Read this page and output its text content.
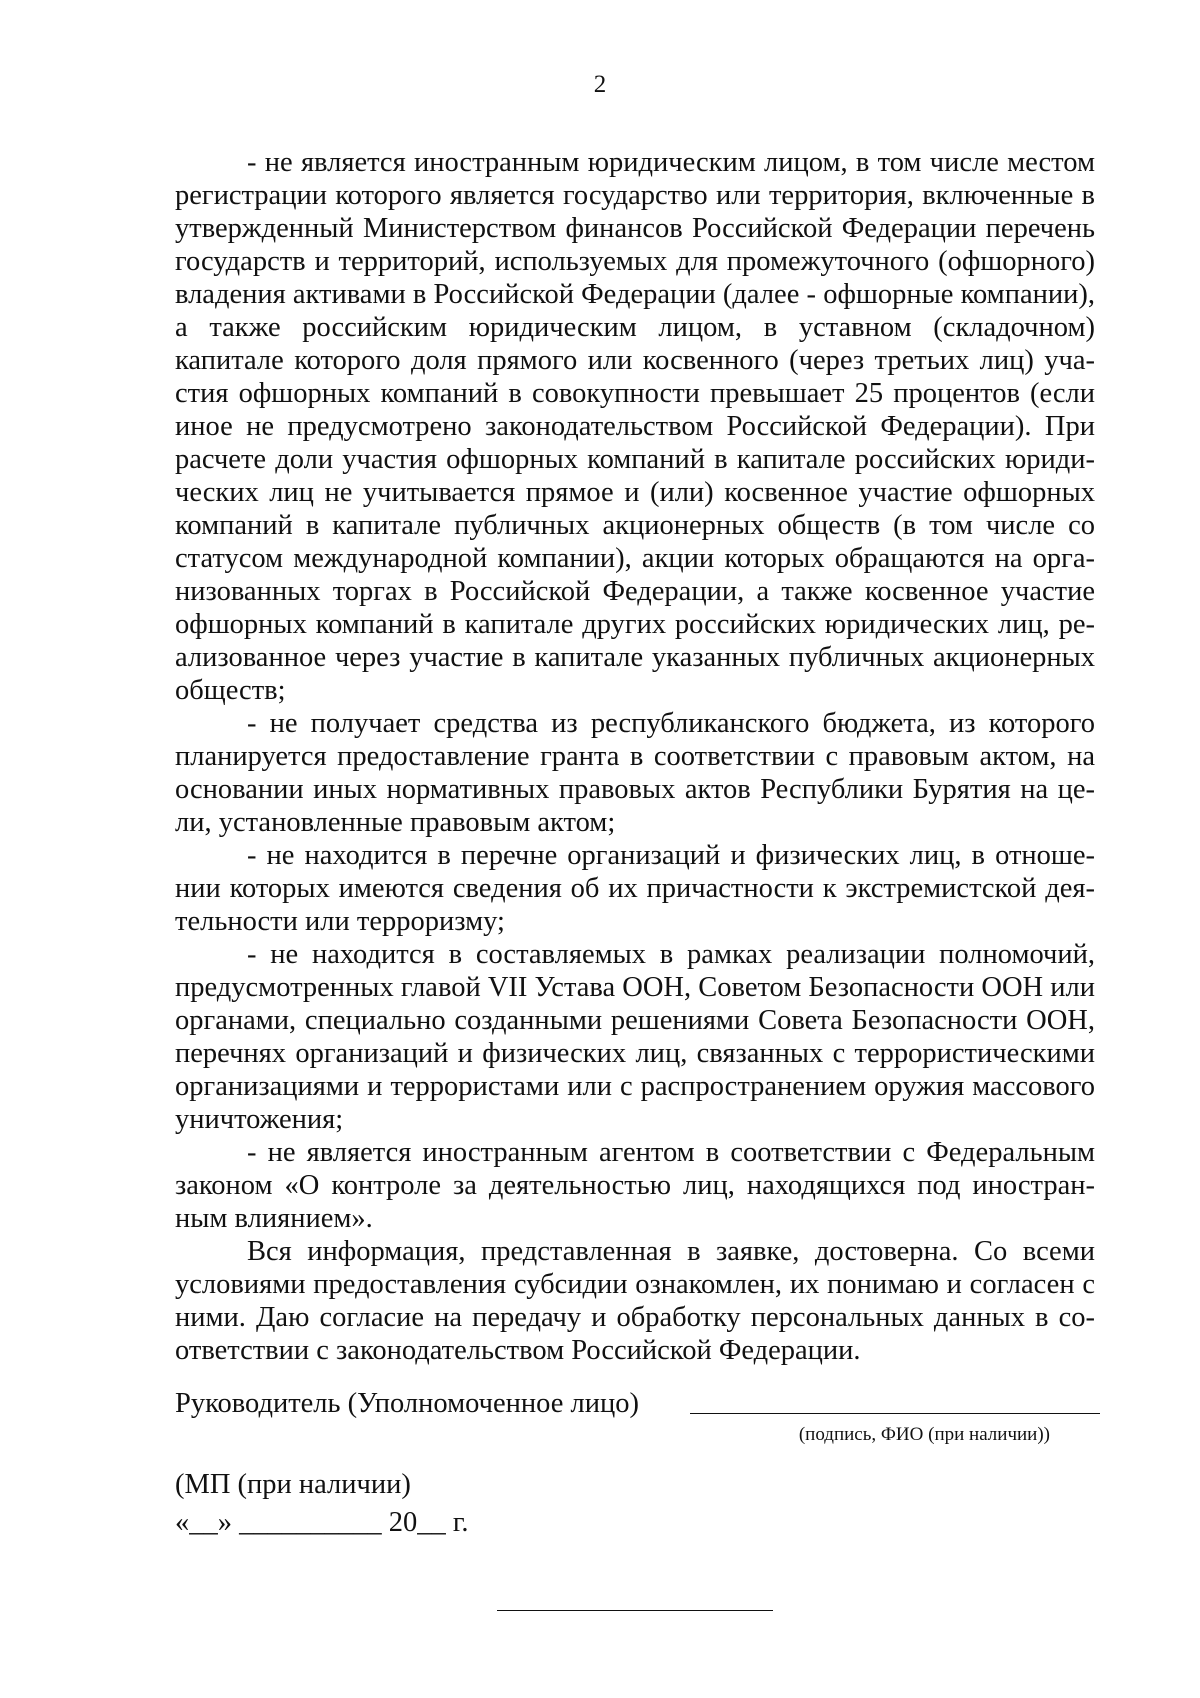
2

- не является иностранным юридическим лицом, в том числе местом регистрации которого является государство или территория, включенные в утвержденный Министерством финансов Российской Федерации перечень государств и территорий, используемых для промежуточного (офшорного) владения активами в Российской Федерации (далее - офшорные компании), а также российским юридическим лицом, в уставном (складочном) капитале которого доля прямого или косвенного (через третьих лиц) участия офшорных компаний в совокупности превышает 25 процентов (если иное не предусмотрено законодательством Российской Федерации). При расчете доли участия офшорных компаний в капитале российских юридических лиц не учитывается прямое и (или) косвенное участие офшорных компаний в капитале публичных акционерных обществ (в том числе со статусом международной компании), акции которых обращаются на организованных торгах в Российской Федерации, а также косвенное участие офшорных компаний в капитале других российских юридических лиц, реализованное через участие в капитале указанных публичных акционерных обществ;

- не получает средства из республиканского бюджета, из которого планируется предоставление гранта в соответствии с правовым актом, на основании иных нормативных правовых актов Республики Бурятия на цели, установленные правовым актом;

- не находится в перечне организаций и физических лиц, в отношении которых имеются сведения об их причастности к экстремистской деятельности или терроризму;

- не находится в составляемых в рамках реализации полномочий, предусмотренных главой VII Устава ООН, Советом Безопасности ООН или органами, специально созданными решениями Совета Безопасности ООН, перечнях организаций и физических лиц, связанных с террористическими организациями и террористами или с распространением оружия массового уничтожения;

- не является иностранным агентом в соответствии с Федеральным законом «О контроле за деятельностью лиц, находящихся под иностранным влиянием».

Вся информация, представленная в заявке, достоверна. Со всеми условиями предоставления субсидии ознакомлен, их понимаю и согласен с ними. Даю согласие на передачу и обработку персональных данных в соответствии с законодательством Российской Федерации.

Руководитель (Уполномоченное лицо)
(подпись, ФИО (при наличии))
(МП (при наличии)
«__» __________ 20__ г.
